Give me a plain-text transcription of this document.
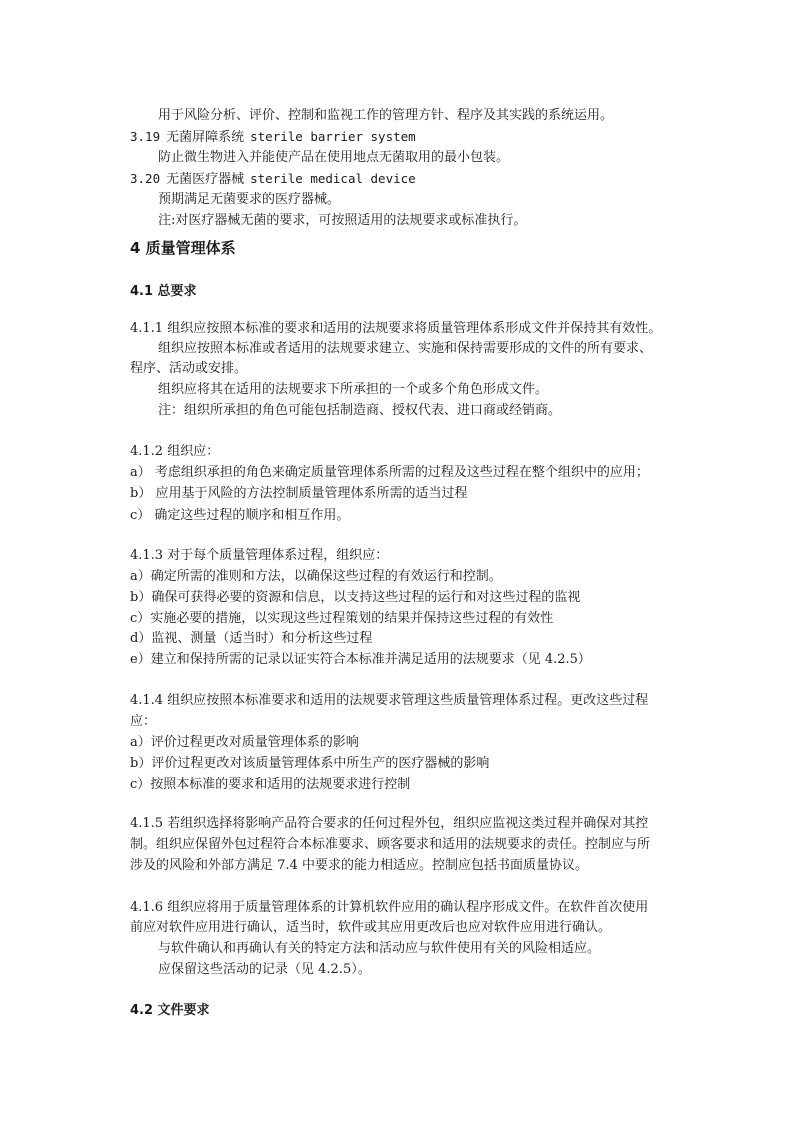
用于风险分析、评价、控制和监视工作的管理方针、程序及其实践的系统运用。
3.19 无菌屏障系统 sterile barrier system
防止微生物进入并能使产品在使用地点无菌取用的最小包装。
3.20 无菌医疗器械 sterile medical device
预期满足无菌要求的医疗器械。
注:对医疗器械无菌的要求，可按照适用的法规要求或标准执行。
4 质量管理体系
4.1 总要求
4.1.1 组织应按照本标准的要求和适用的法规要求将质量管理体系形成文件并保持其有效性。
组织应按照本标准或者适用的法规要求建立、实施和保持需要形成的文件的所有要求、
程序、活动或安排。
组织应将其在适用的法规要求下所承担的一个或多个角色形成文件。
注：组织所承担的角色可能包括制造商、授权代表、进口商或经销商。
4.1.2 组织应：
a） 考虑组织承担的角色来确定质量管理体系所需的过程及这些过程在整个组织中的应用；
b） 应用基于风险的方法控制质量管理体系所需的适当过程
c） 确定这些过程的顺序和相互作用。
4.1.3 对于每个质量管理体系过程，组织应：
a）确定所需的准则和方法，以确保这些过程的有效运行和控制。
b）确保可获得必要的资源和信息，以支持这些过程的运行和对这些过程的监视
c）实施必要的措施，以实现这些过程策划的结果并保持这些过程的有效性
d）监视、测量（适当时）和分析这些过程
e）建立和保持所需的记录以证实符合本标准并满足适用的法规要求（见 4.2.5）
4.1.4 组织应按照本标准要求和适用的法规要求管理这些质量管理体系过程。更改这些过程
应：
a）评价过程更改对质量管理体系的影响
b）评价过程更改对该质量管理体系中所生产的医疗器械的影响
c）按照本标准的要求和适用的法规要求进行控制
4.1.5 若组织选择将影响产品符合要求的任何过程外包，组织应监视这类过程并确保对其控
制。组织应保留外包过程符合本标准要求、顾客要求和适用的法规要求的责任。控制应与所
涉及的风险和外部方满足 7.4 中要求的能力相适应。控制应包括书面质量协议。
4.1.6 组织应将用于质量管理体系的计算机软件应用的确认程序形成文件。在软件首次使用
前应对软件应用进行确认，适当时，软件或其应用更改后也应对软件应用进行确认。
与软件确认和再确认有关的特定方法和活动应与软件使用有关的风险相适应。
应保留这些活动的记录（见 4.2.5）。
4.2 文件要求
